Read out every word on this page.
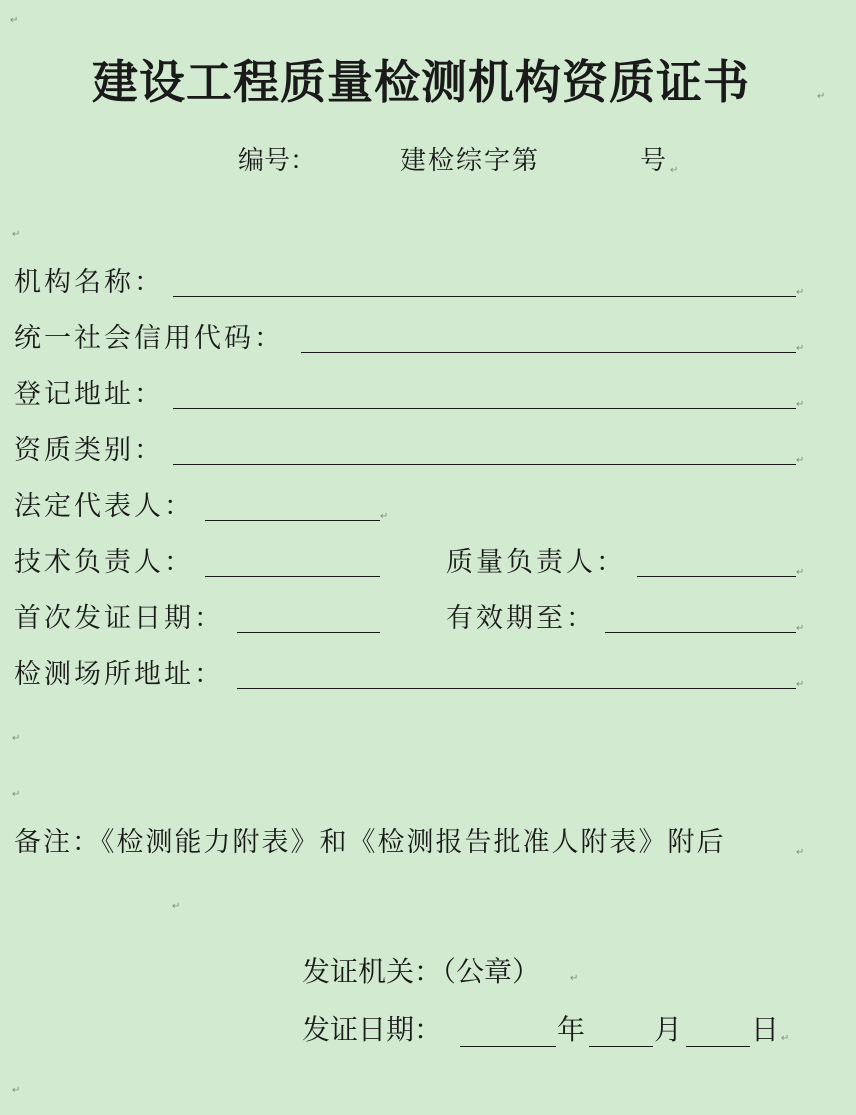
↵
建设工程质量检测机构资质证书	↵
编号：	建检综字第	号 ↵
↵
机构名称：	↵
统一社会信用代码：	↵
登记地址：	↵
资质类别：	↵
法定代表人：	↵
技术负责人：	质量负责人：	↵
首次发证日期：	有效期至：	↵
检测场所地址：	↵
↵
↵
备注：《检测能力附表》和《检测报告批准人附表》附后	↵
↵
发证机关：（公章）	↵
发证日期：	年 月 日 ↵
↵
